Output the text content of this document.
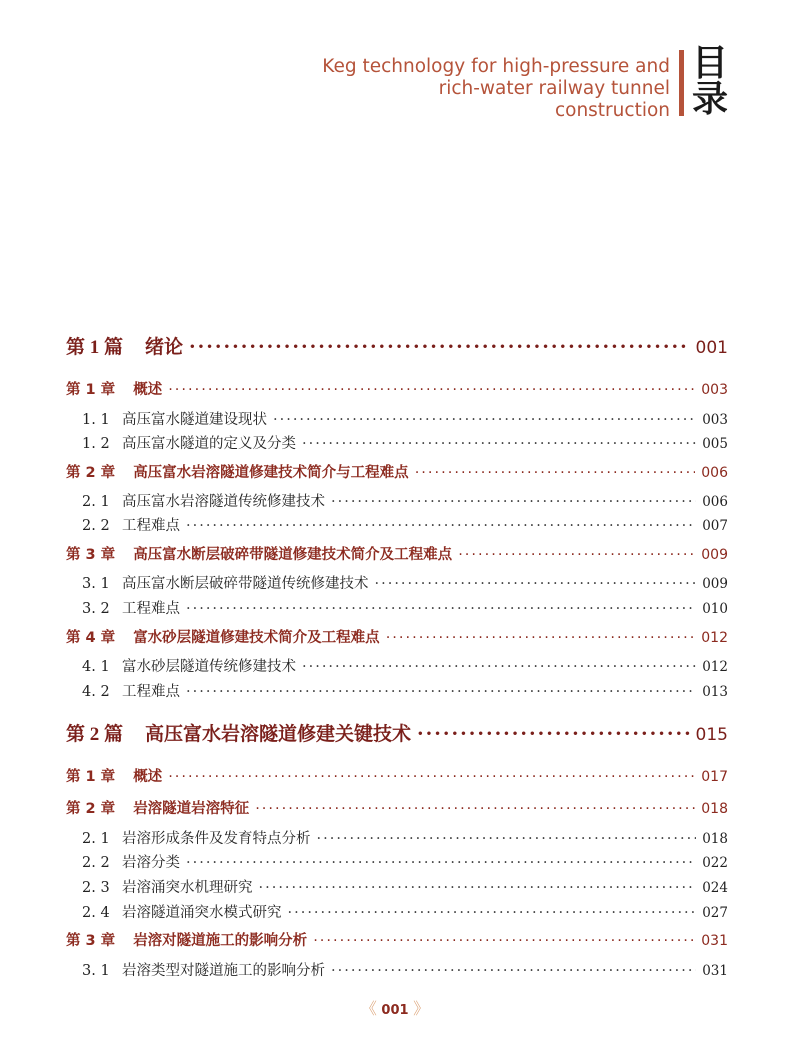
Keg technology for high-pressure and
rich-water railway tunnel
construction
目
录
第 1 篇 绪论 ·····	001
第 1 章 概述 ·····	003
1. 1 高压富水隧道建设现状 ·····	003
1. 2 高压富水隧道的定义及分类 ·····	005
第 2 章 高压富水岩溶隧道修建技术简介与工程难点 ·····	006
2. 1 高压富水岩溶隧道传统修建技术 ·····	006
2. 2 工程难点 ·····	007
第 3 章 高压富水断层破碎带隧道修建技术简介及工程难点 ·····	009
3. 1 高压富水断层破碎带隧道传统修建技术 ·····	009
3. 2 工程难点 ·····	010
第 4 章 富水砂层隧道修建技术简介及工程难点 ·····	012
4. 1 富水砂层隧道传统修建技术 ·····	012
4. 2 工程难点 ·····	013
第 2 篇 高压富水岩溶隧道修建关键技术 ·····	015
第 1 章 概述 ·····	017
第 2 章 岩溶隧道岩溶特征 ·····	018
2. 1 岩溶形成条件及发育特点分析 ·····	018
2. 2 岩溶分类 ·····	022
2. 3 岩溶涌突水机理研究 ·····	024
2. 4 岩溶隧道涌突水模式研究 ·····	027
第 3 章 岩溶对隧道施工的影响分析 ·····	031
3. 1 岩溶类型对隧道施工的影响分析 ·····	031
《 001 》
